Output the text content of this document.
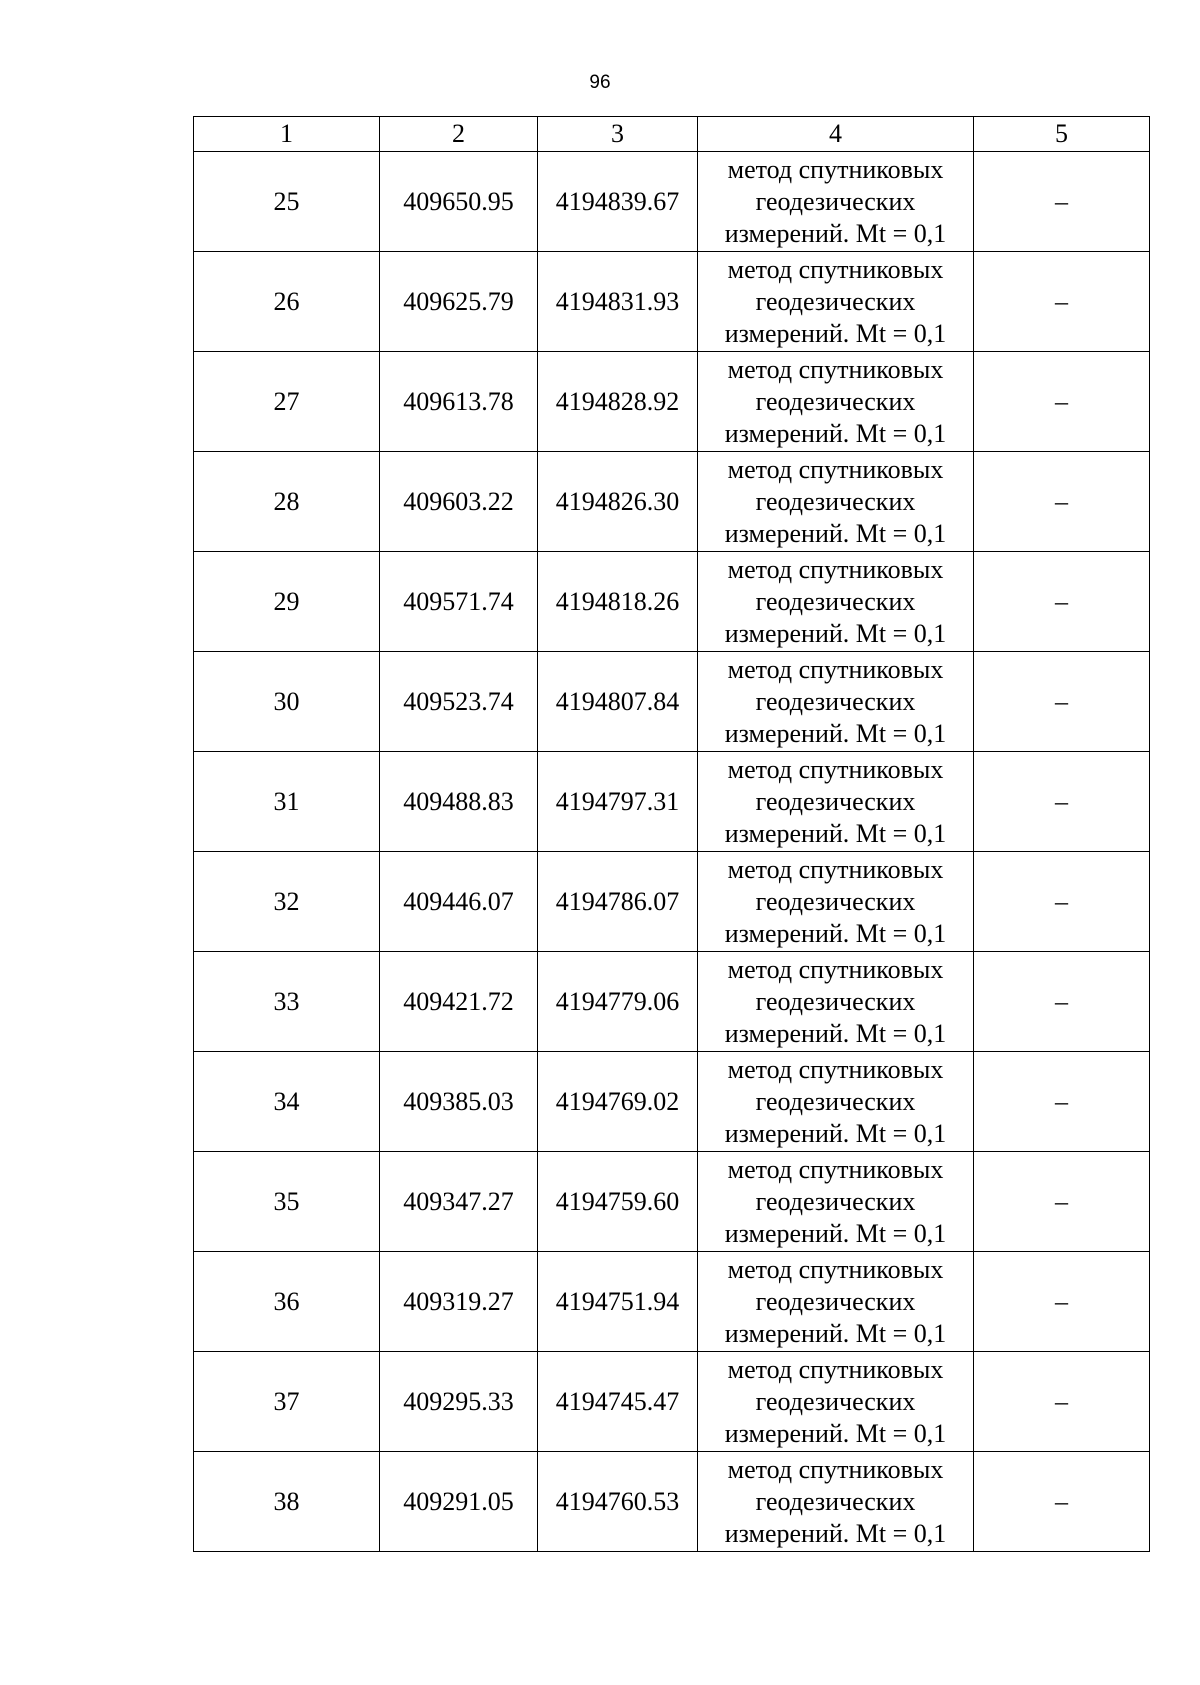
96
1	2	3	4	5
25	409650.95	4194839.67	метод спутниковых
геодезических
измерений. Mt = 0,1	–
26	409625.79	4194831.93	метод спутниковых
геодезических
измерений. Mt = 0,1	–
27	409613.78	4194828.92	метод спутниковых
геодезических
измерений. Mt = 0,1	–
28	409603.22	4194826.30	метод спутниковых
геодезических
измерений. Mt = 0,1	–
29	409571.74	4194818.26	метод спутниковых
геодезических
измерений. Mt = 0,1	–
30	409523.74	4194807.84	метод спутниковых
геодезических
измерений. Mt = 0,1	–
31	409488.83	4194797.31	метод спутниковых
геодезических
измерений. Mt = 0,1	–
32	409446.07	4194786.07	метод спутниковых
геодезических
измерений. Mt = 0,1	–
33	409421.72	4194779.06	метод спутниковых
геодезических
измерений. Mt = 0,1	–
34	409385.03	4194769.02	метод спутниковых
геодезических
измерений. Mt = 0,1	–
35	409347.27	4194759.60	метод спутниковых
геодезических
измерений. Mt = 0,1	–
36	409319.27	4194751.94	метод спутниковых
геодезических
измерений. Mt = 0,1	–
37	409295.33	4194745.47	метод спутниковых
геодезических
измерений. Mt = 0,1	–
38	409291.05	4194760.53	метод спутниковых
геодезических
измерений. Mt = 0,1	–
